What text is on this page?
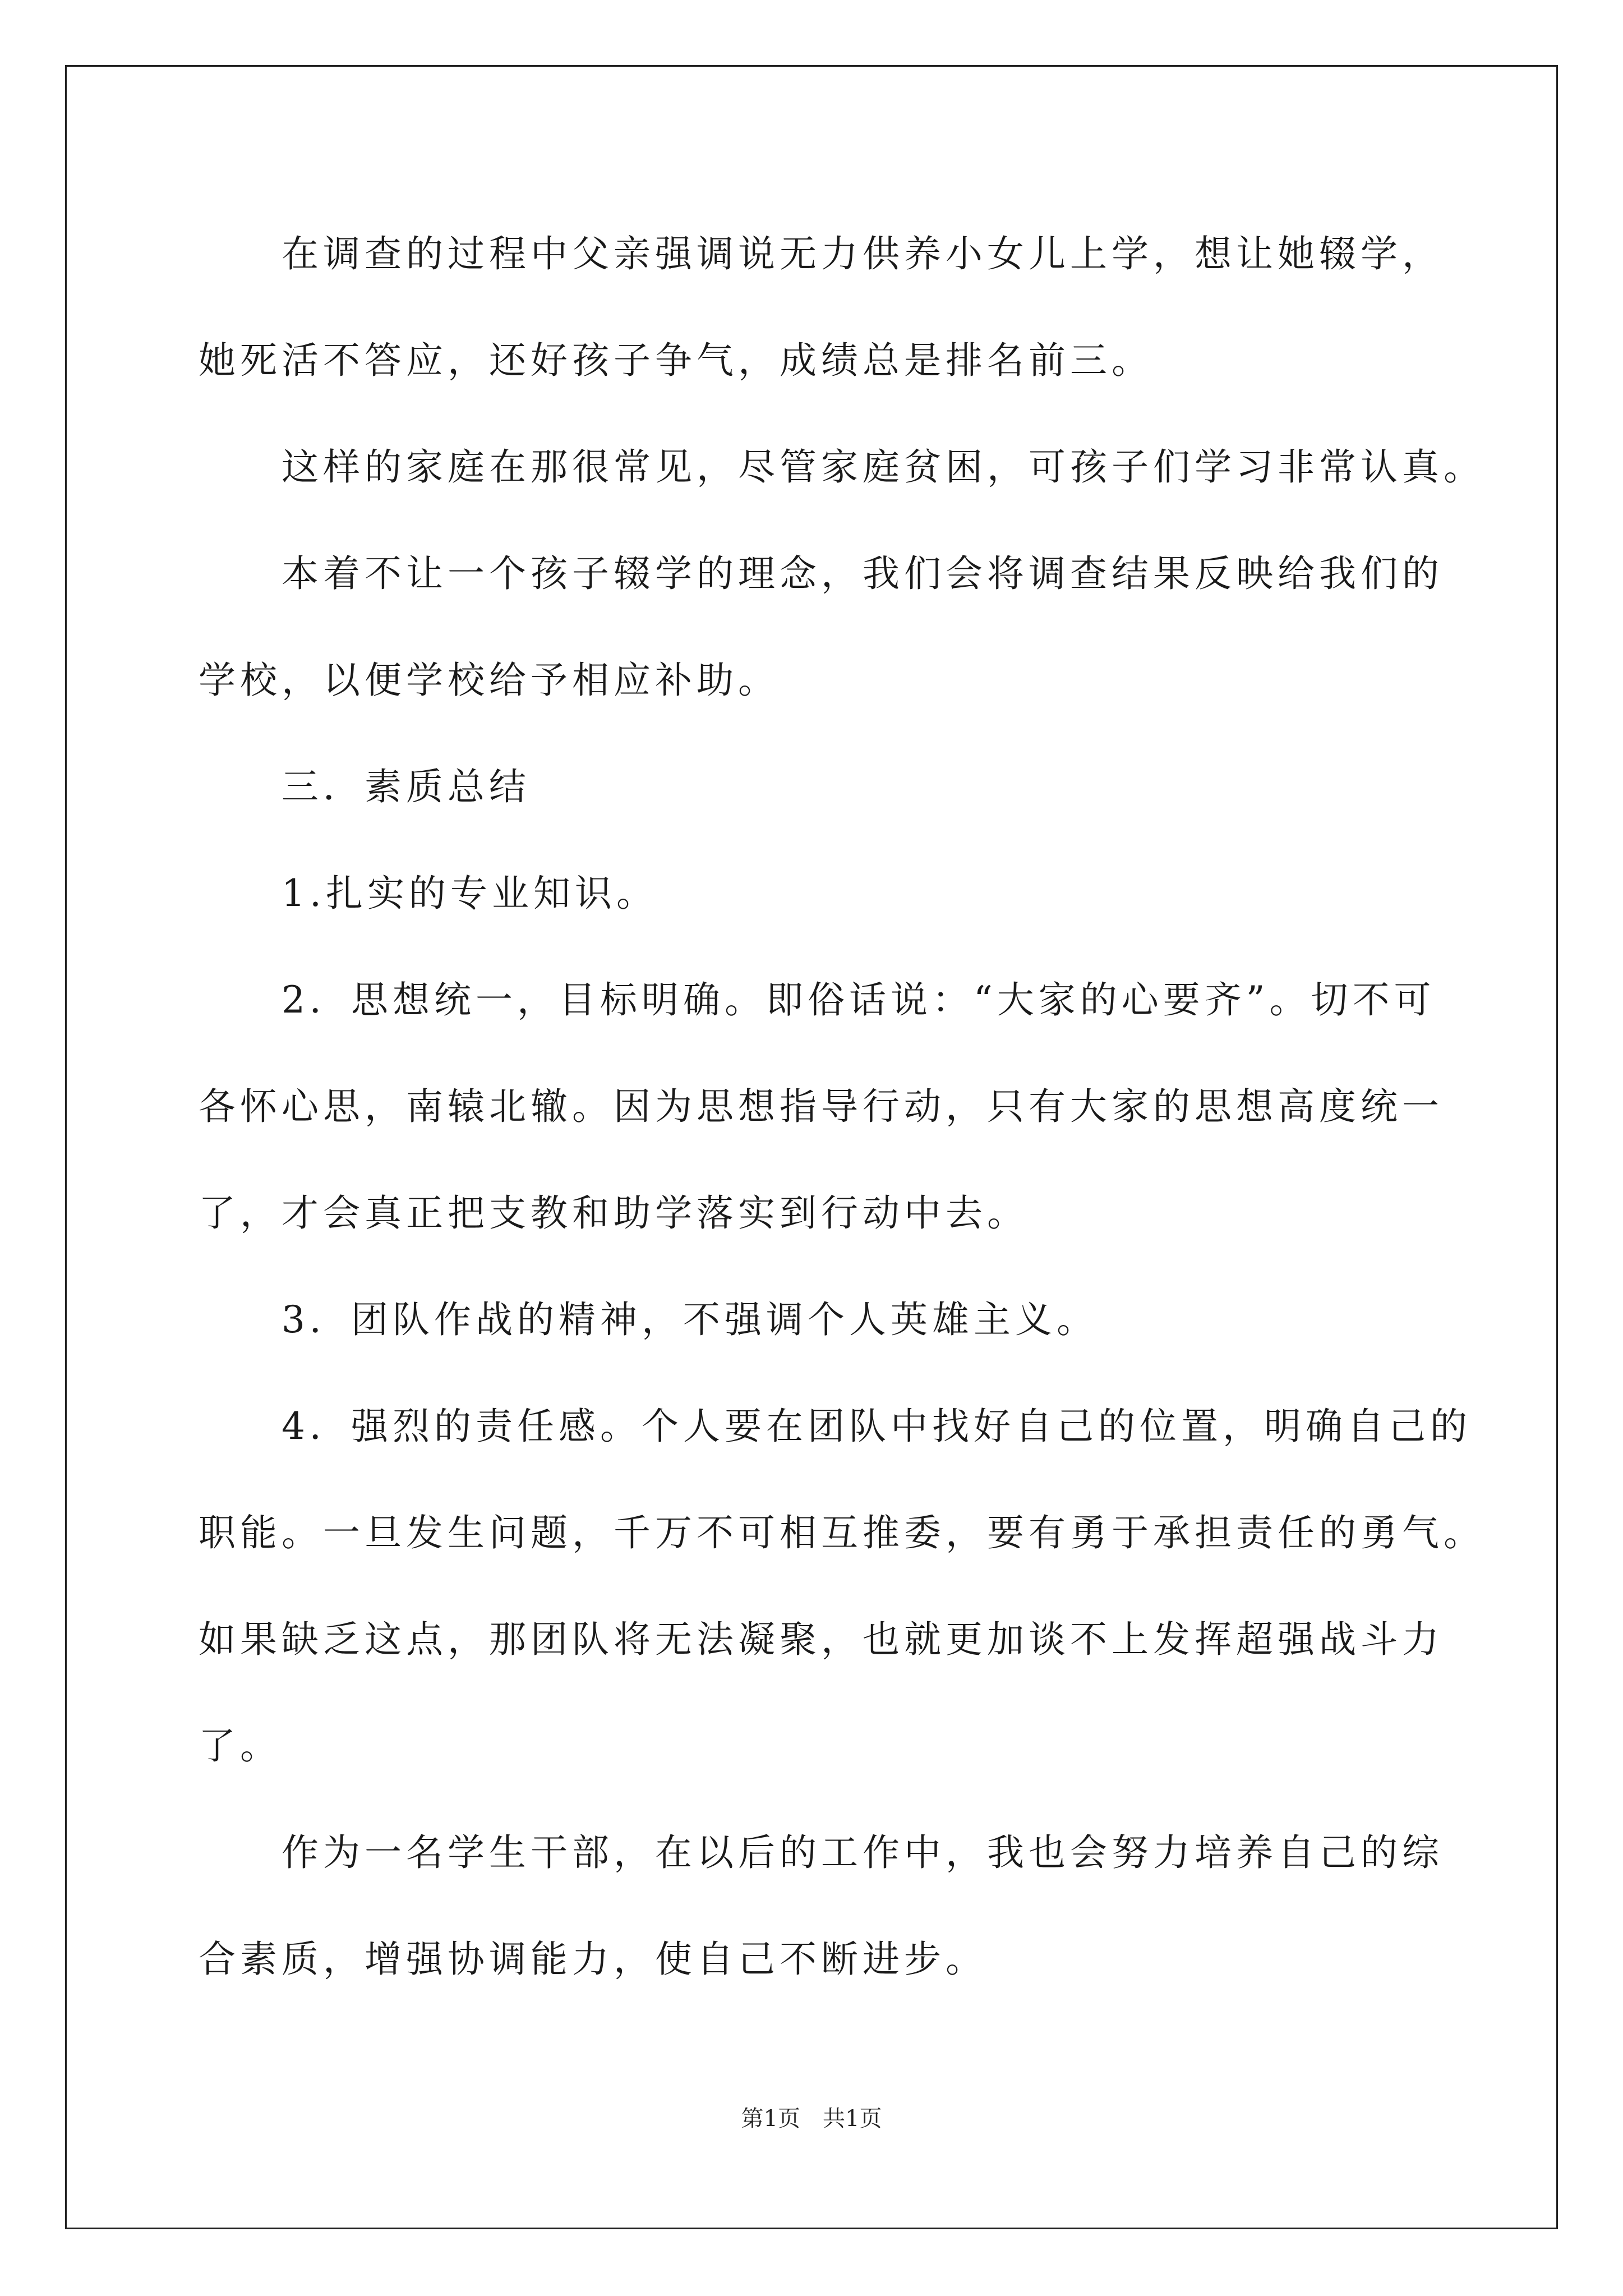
在调查的过程中父亲强调说无力供养小女儿上学，想让她辍学，

她死活不答应，还好孩子争气，成绩总是排名前三。

这样的家庭在那很常见，尽管家庭贫困，可孩子们学习非常认真。

本着不让一个孩子辍学的理念，我们会将调查结果反映给我们的

学校，以便学校给予相应补助。

三．素质总结

1.扎实的专业知识。

2．思想统一，目标明确。即俗话说：“大家的心要齐”。切不可

各怀心思，南辕北辙。因为思想指导行动，只有大家的思想高度统一

了，才会真正把支教和助学落实到行动中去。

3．团队作战的精神，不强调个人英雄主义。

4．强烈的责任感。个人要在团队中找好自己的位置，明确自己的

职能。一旦发生问题，千万不可相互推委，要有勇于承担责任的勇气。

如果缺乏这点，那团队将无法凝聚，也就更加谈不上发挥超强战斗力

了。

作为一名学生干部，在以后的工作中，我也会努力培养自己的综

合素质，增强协调能力，使自己不断进步。

第1页　共1页
